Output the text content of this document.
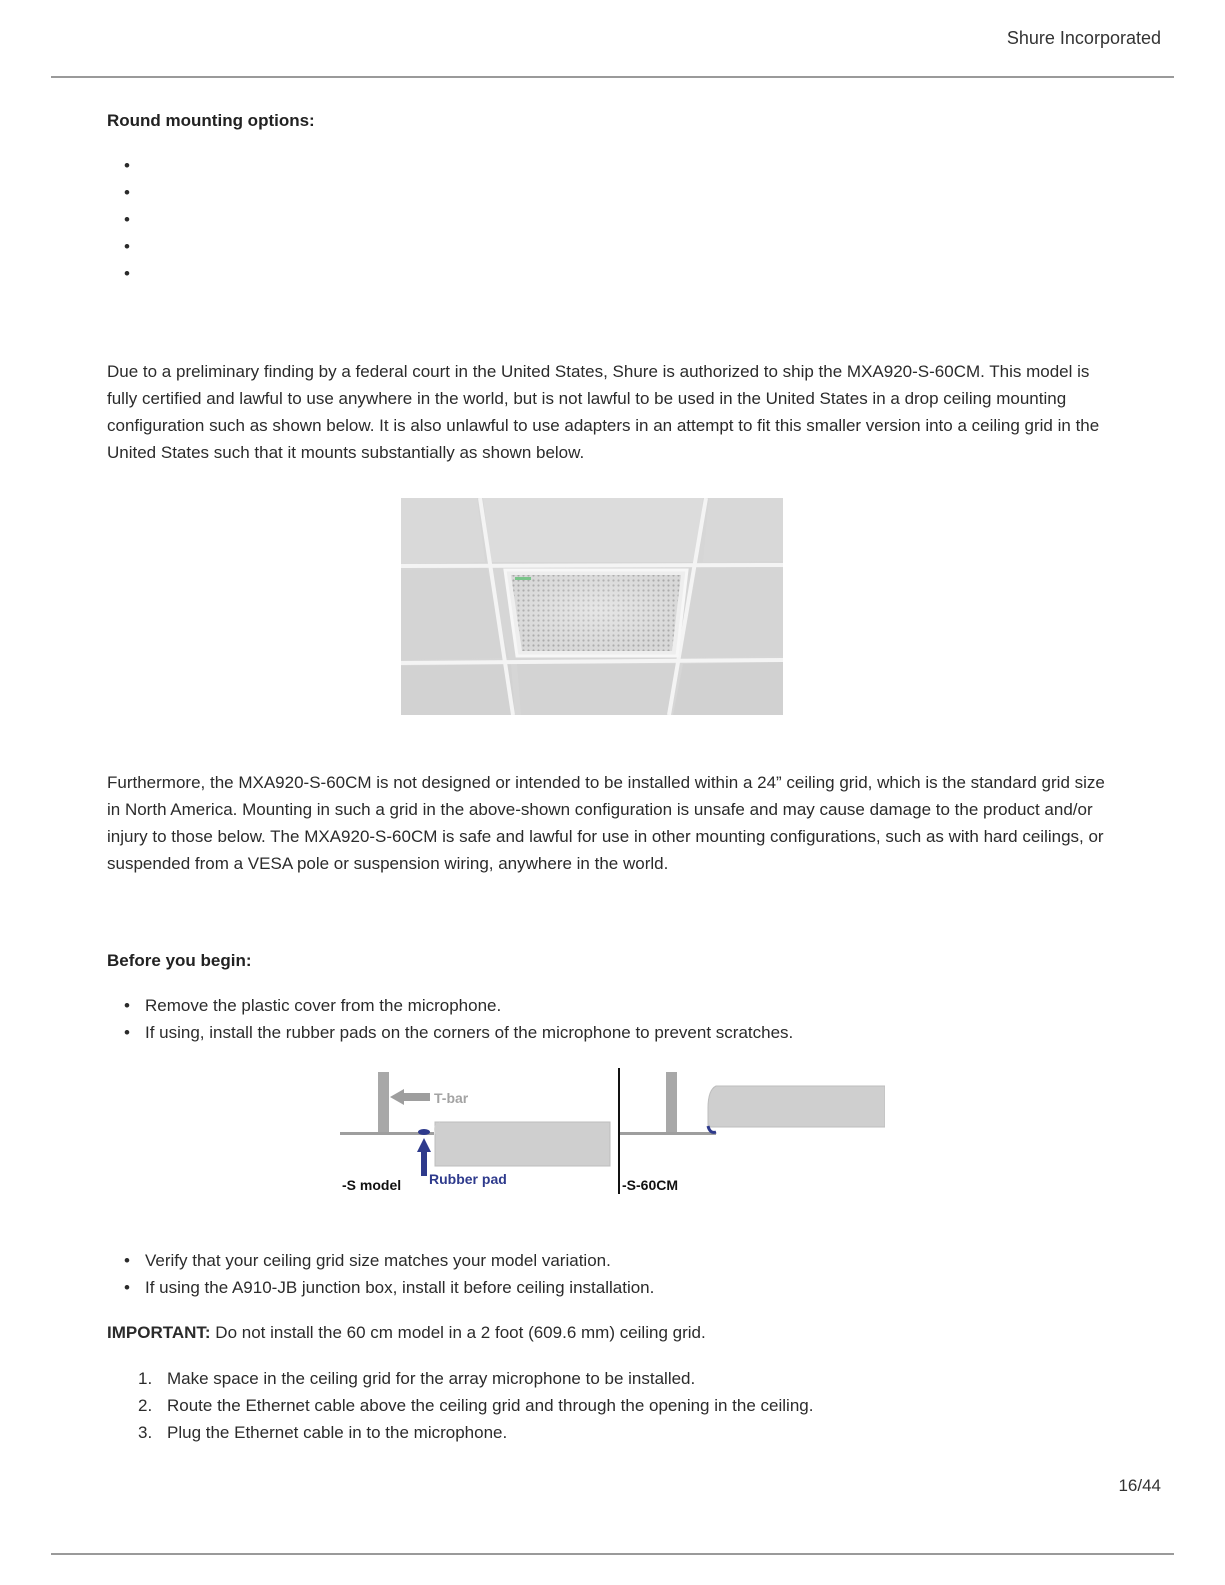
Shure Incorporated
Round mounting options:
•
•
•
•
•
Due to a preliminary finding by a federal court in the United States, Shure is authorized to ship the MXA920-S-60CM. This model is fully certified and lawful to use anywhere in the world, but is not lawful to be used in the United States in a drop ceiling mounting configuration such as shown below. It is also unlawful to use adapters in an attempt to fit this smaller version into a ceiling grid in the United States such that it mounts substantially as shown below.
Furthermore, the MXA920-S-60CM is not designed or intended to be installed within a 24” ceiling grid, which is the standard grid size in North America. Mounting in such a grid in the above-shown configuration is unsafe and may cause damage to the product and/or injury to those below. The MXA920-S-60CM is safe and lawful for use in other mounting configurations, such as with hard ceilings, or suspended from a VESA pole or suspension wiring, anywhere in the world.
Before you begin:
• Remove the plastic cover from the microphone.
• If using, install the rubber pads on the corners of the microphone to prevent scratches.
T-bar
Rubber pad
-S model	-S-60CM
• Verify that your ceiling grid size matches your model variation.
• If using the A910-JB junction box, install it before ceiling installation.
IMPORTANT: Do not install the 60 cm model in a 2 foot (609.6 mm) ceiling grid.
1. Make space in the ceiling grid for the array microphone to be installed.
2. Route the Ethernet cable above the ceiling grid and through the opening in the ceiling.
3. Plug the Ethernet cable in to the microphone.
16/44
